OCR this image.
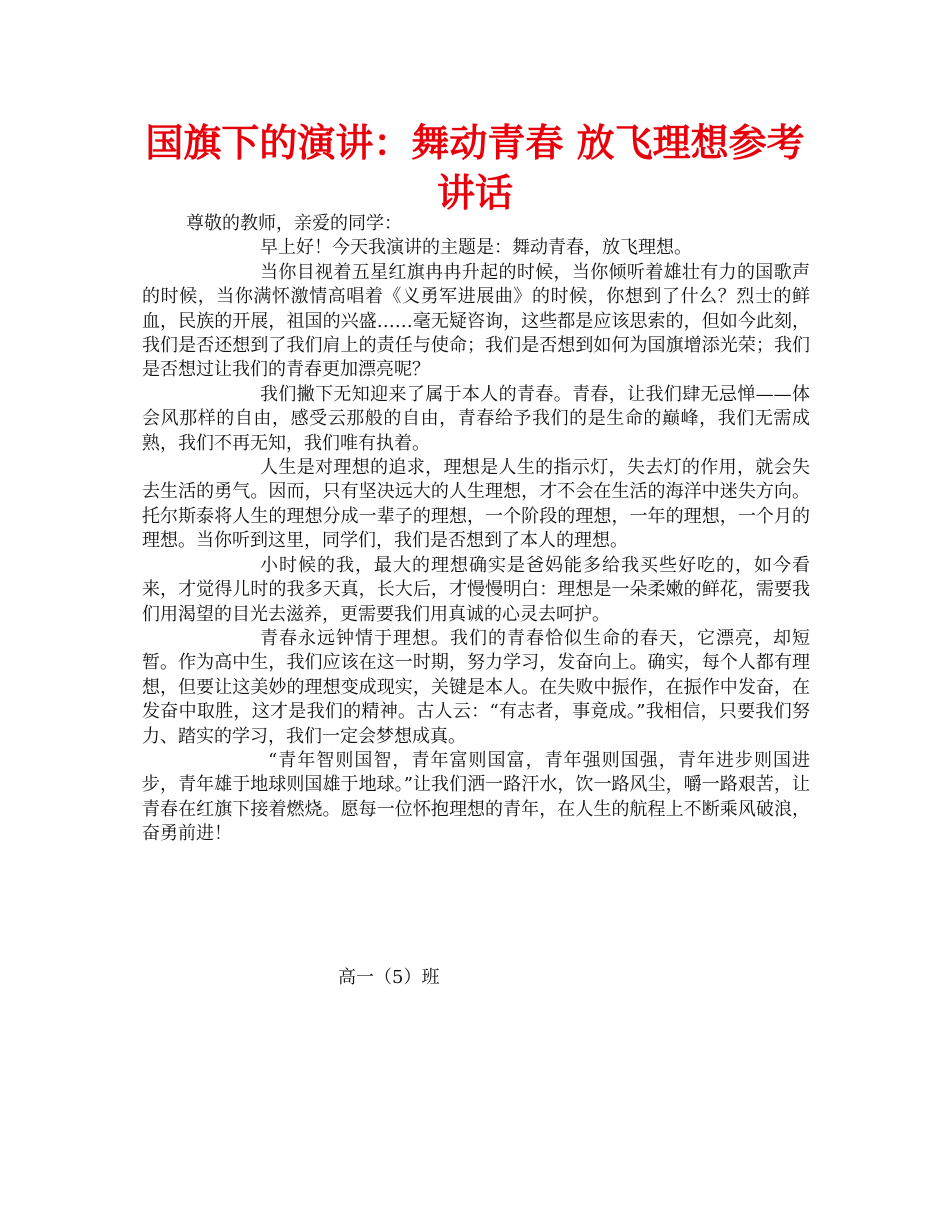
国旗下的演讲：舞动青春 放飞理想参考讲话

尊敬的教师，亲爱的同学：

早上好！今天我演讲的主题是：舞动青春，放飞理想。

当你目视着五星红旗冉冉升起的时候，当你倾听着雄壮有力的国歌声的时候，当你满怀激情高唱着《义勇军进展曲》的时候，你想到了什么？烈士的鲜血，民族的开展，祖国的兴盛……毫无疑咨询，这些都是应该思索的，但如今此刻，我们是否还想到了我们肩上的责任与使命；我们是否想到如何为国旗增添光荣；我们是否想过让我们的青春更加漂亮呢？

我们撇下无知迎来了属于本人的青春。青春，让我们肆无忌惮——体会风那样的自由，感受云那般的自由，青春给予我们的是生命的巅峰，我们无需成熟，我们不再无知，我们唯有执着。

人生是对理想的追求，理想是人生的指示灯，失去灯的作用，就会失去生活的勇气。因而，只有坚决远大的人生理想，才不会在生活的海洋中迷失方向。托尔斯泰将人生的理想分成一辈子的理想，一个阶段的理想，一年的理想，一个月的理想。当你听到这里，同学们，我们是否想到了本人的理想。

小时候的我，最大的理想确实是爸妈能多给我买些好吃的，如今看来，才觉得儿时的我多天真，长大后，才慢慢明白：理想是一朵柔嫩的鲜花，需要我们用渴望的目光去滋养，更需要我们用真诚的心灵去呵护。

青春永远钟情于理想。我们的青春恰似生命的春天，它漂亮，却短暂。作为高中生，我们应该在这一时期，努力学习，发奋向上。确实，每个人都有理想，但要让这美妙的理想变成现实，关键是本人。在失败中振作，在振作中发奋，在发奋中取胜，这才是我们的精神。古人云：“有志者，事竟成。”我相信，只要我们努力、踏实的学习，我们一定会梦想成真。

“青年智则国智，青年富则国富，青年强则国强，青年进步则国进步，青年雄于地球则国雄于地球。”让我们洒一路汗水，饮一路风尘，嚼一路艰苦，让青春在红旗下接着燃烧。愿每一位怀抱理想的青年，在人生的航程上不断乘风破浪，奋勇前进！

高一（5）班
